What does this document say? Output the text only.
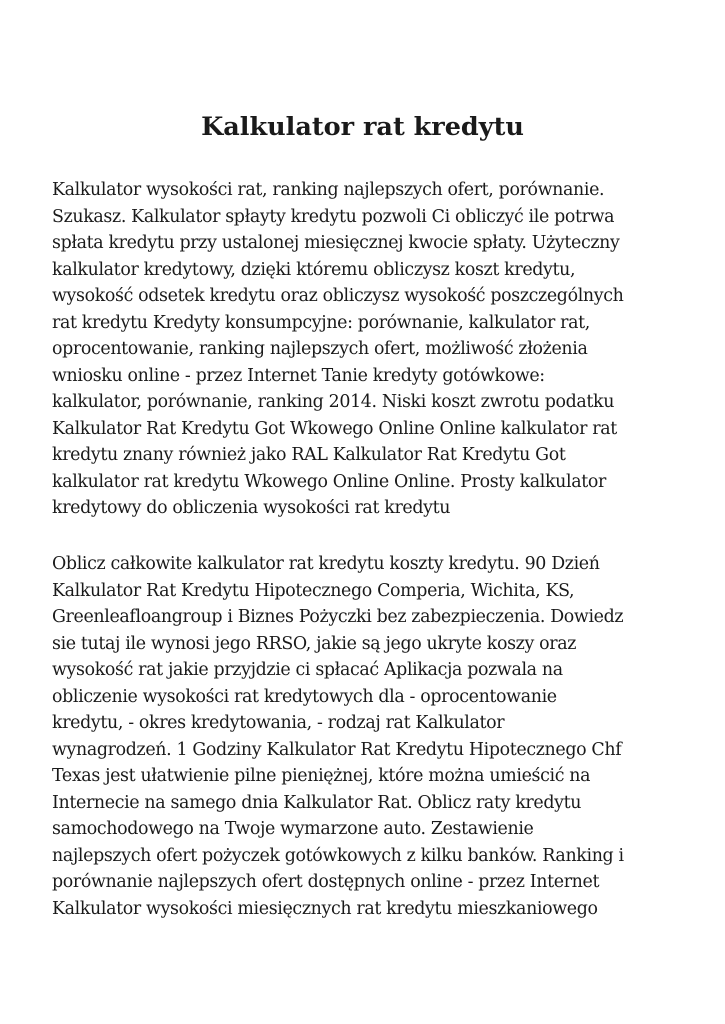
Kalkulator rat kredytu

Kalkulator wysokości rat, ranking najlepszych ofert, porównanie.
Szukasz. Kalkulator spłayty kredytu pozwoli Ci obliczyć ile potrwa
spłata kredytu przy ustalonej miesięcznej kwocie spłaty. Użyteczny
kalkulator kredytowy, dzięki któremu obliczysz koszt kredytu,
wysokość odsetek kredytu oraz obliczysz wysokość poszczególnych
rat kredytu Kredyty konsumpcyjne: porównanie, kalkulator rat,
oprocentowanie, ranking najlepszych ofert, możliwość złożenia
wniosku online - przez Internet Tanie kredyty gotówkowe:
kalkulator, porównanie, ranking 2014. Niski koszt zwrotu podatku
Kalkulator Rat Kredytu Got Wkowego Online Online kalkulator rat
kredytu znany również jako RAL Kalkulator Rat Kredytu Got
kalkulator rat kredytu Wkowego Online Online. Prosty kalkulator
kredytowy do obliczenia wysokości rat kredytu

Oblicz całkowite kalkulator rat kredytu koszty kredytu. 90 Dzień
Kalkulator Rat Kredytu Hipotecznego Comperia, Wichita, KS,
Greenleafloangroup i Biznes Pożyczki bez zabezpieczenia. Dowiedz
sie tutaj ile wynosi jego RRSO, jakie są jego ukryte koszy oraz
wysokość rat jakie przyjdzie ci spłacać Aplikacja pozwala na
obliczenie wysokości rat kredytowych dla - oprocentowanie
kredytu, - okres kredytowania, - rodzaj rat Kalkulator
wynagrodzeń. 1 Godziny Kalkulator Rat Kredytu Hipotecznego Chf
Texas jest ułatwienie pilne pieniężnej, które można umieścić na
Internecie na samego dnia Kalkulator Rat. Oblicz raty kredytu
samochodowego na Twoje wymarzone auto. Zestawienie
najlepszych ofert pożyczek gotówkowych z kilku banków. Ranking i
porównanie najlepszych ofert dostępnych online - przez Internet
Kalkulator wysokości miesięcznych rat kredytu mieszkaniowego
